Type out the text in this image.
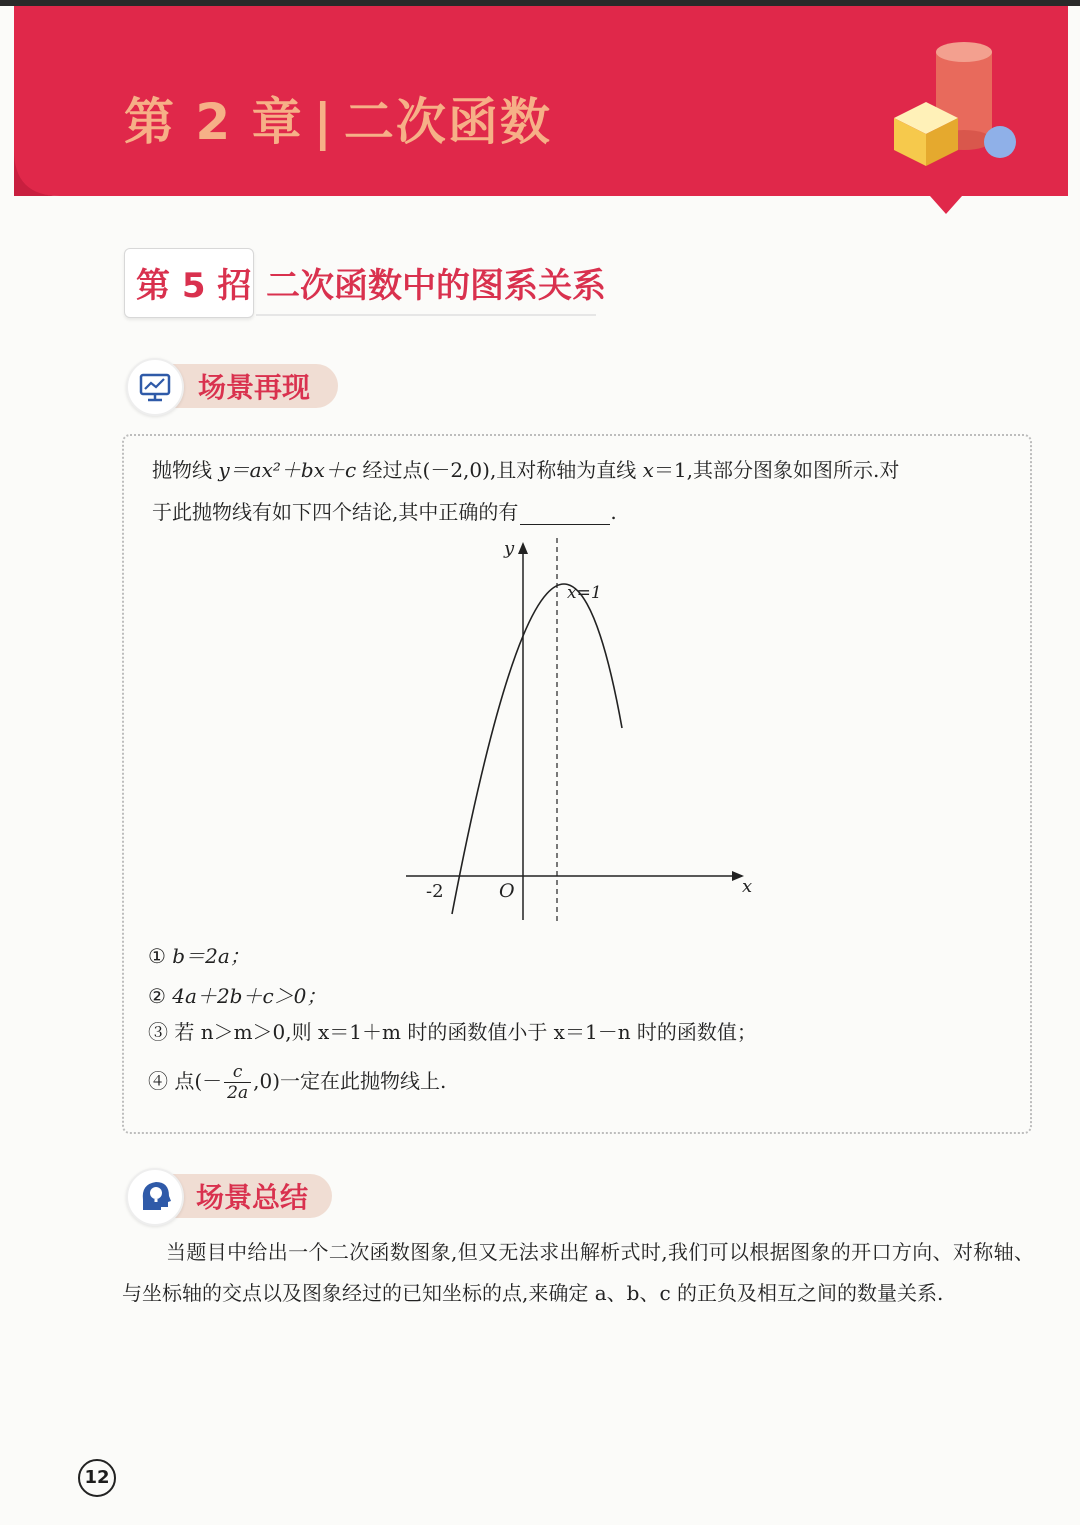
第 2 章 | 二次函数
第 5 招 二次函数中的图系关系
场景再现
抛物线 y＝ax²＋bx＋c 经过点(－2,0),且对称轴为直线 x＝1,其部分图象如图所示.对
于此抛物线有如下四个结论,其中正确的有	.
y
x
O
-2
x=1
① b＝2a；
② 4a＋2b＋c＞0；
③ 若 n＞m＞0,则 x＝1＋m 时的函数值小于 x＝1－n 时的函数值；
④ 点(－ $\frac{c}{2a} ,0$)一定在此抛物线上.
场景总结
当题目中给出一个二次函数图象,但又无法求出解析式时,我们可以根据图象的开口方向、对称轴、与坐标轴的交点以及图象经过的已知坐标的点,来确定 a、b、c 的正负及相互之间的数量关系.
12
